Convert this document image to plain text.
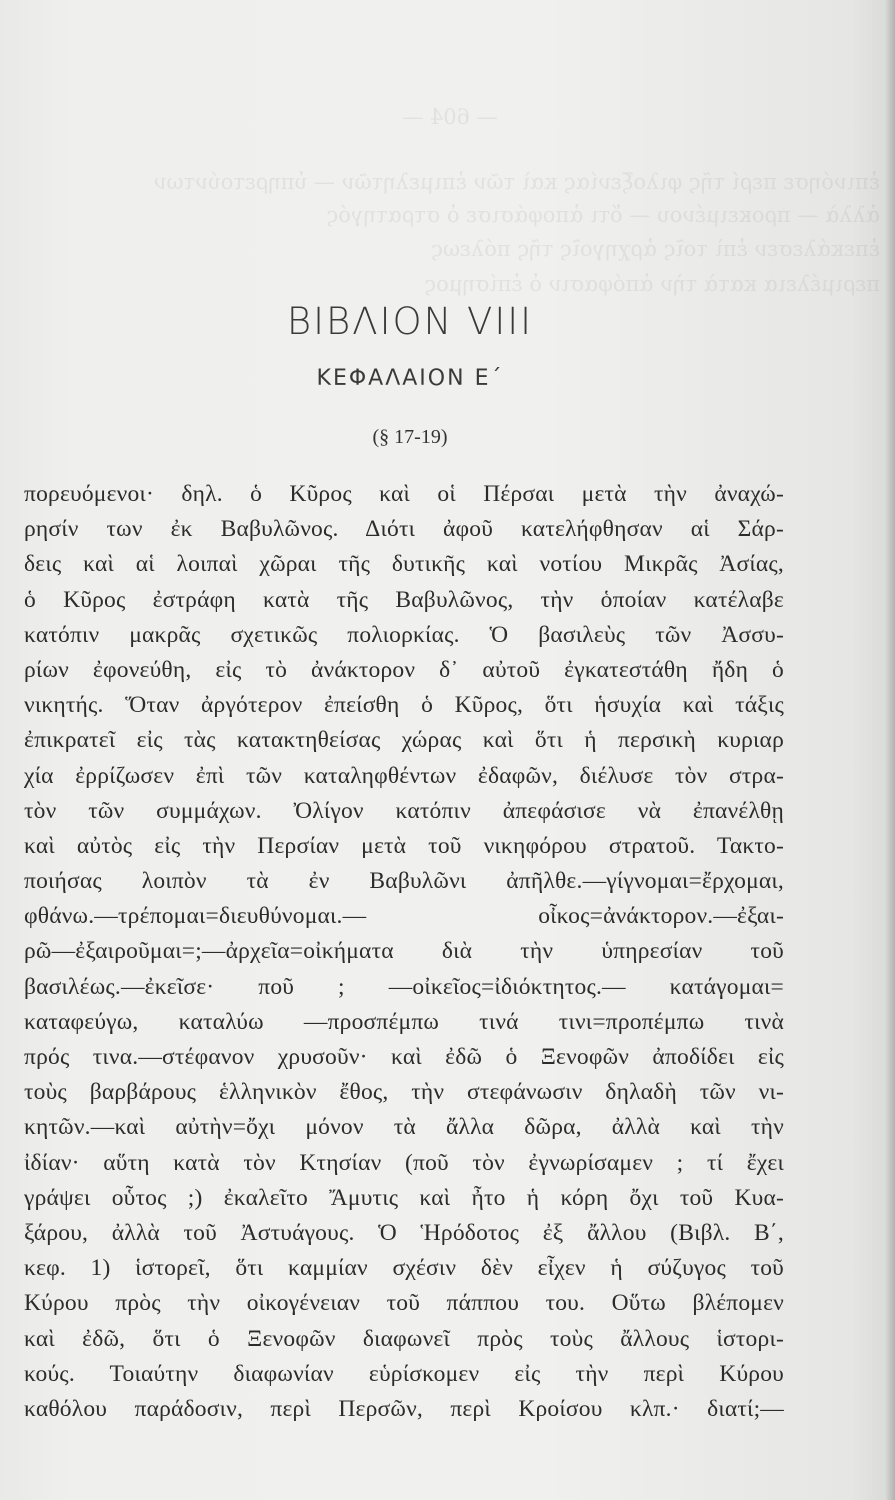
— 604 —
ἐπινόησε περί τῆς φιλοξενίας καὶ τῶν ἐπιμελητῶν — ὑπηρετούντων
ἀλλὰ — προκειμένου — ὅτι ἀποφάσισε ὁ στρατηγός
ἐπεκάλεσεν ἐπὶ τοῖς ἀρχηγοῖς τῆς πόλεως
περιμέλεια κατὰ τὴν ἀπόφασιν ὁ ἐπίσημος
ΒΙΒΛΙΟΝ VIII
ΚΕΦΑΛΑΙΟΝ Ε΄
(§ 17-19)
πορευόμενοι· δηλ. ὁ Κῦρος καὶ οἱ Πέρσαι μετὰ τὴν ἀναχώ-
ρησίν των ἐκ Βαβυλῶνος. Διότι ἀφοῦ κατελήφθησαν αἱ Σάρ-
δεις καὶ αἱ λοιπαὶ χῶραι τῆς δυτικῆς καὶ νοτίου Μικρᾶς Ἀσίας,
ὁ Κῦρος ἐστράφη κατὰ τῆς Βαβυλῶνος, τὴν ὁποίαν κατέλαβε
κατόπιν μακρᾶς σχετικῶς πολιορκίας. Ὁ βασιλεὺς τῶν Ἀσσυ-
ρίων ἐφονεύθη, εἰς τὸ ἀνάκτορον δ᾽ αὐτοῦ ἐγκατεστάθη ἤδη ὁ
νικητής. Ὅταν ἀργότερον ἐπείσθη ὁ Κῦρος, ὅτι ἡσυχία καὶ τάξις
ἐπικρατεῖ εἰς τὰς κατακτηθείσας χώρας καὶ ὅτι ἡ περσικὴ κυριαρ
χία ἐρρίζωσεν ἐπὶ τῶν καταληφθέντων ἐδαφῶν, διέλυσε τὸν στρα-
τὸν τῶν συμμάχων. Ὀλίγον κατόπιν ἀπεφάσισε νὰ ἐπανέλθῃ
καὶ αὐτὸς εἰς τὴν Περσίαν μετὰ τοῦ νικηφόρου στρατοῦ. Τακτο-
ποιήσας λοιπὸν τὰ ἐν Βαβυλῶνι ἀπῆλθε.—γίγνομαι=ἔρχομαι,
φθάνω.—τρέπομαι=διευθύνομαι.— οἶκος=ἀνάκτορον.—ἐξαι-
ρῶ—ἐξαιροῦμαι=;—ἀρχεῖα=οἰκήματα διὰ τὴν ὑπηρεσίαν τοῦ
βασιλέως.—ἐκεῖσε· ποῦ ; —οἰκεῖος=ἰδιόκτητος.— κατάγομαι=
καταφεύγω, καταλύω —προσπέμπω τινά τινι=προπέμπω τινὰ
πρός τινα.—στέφανον χρυσοῦν· καὶ ἐδῶ ὁ Ξενοφῶν ἀποδίδει εἰς
τοὺς βαρβάρους ἑλληνικὸν ἔθος, τὴν στεφάνωσιν δηλαδὴ τῶν νι-
κητῶν.—καὶ αὐτὴν=ὄχι μόνον τὰ ἄλλα δῶρα, ἀλλὰ καὶ τὴν
ἰδίαν· αὕτη κατὰ τὸν Κτησίαν (ποῦ τὸν ἐγνωρίσαμεν ; τί ἔχει
γράψει οὗτος ;) ἐκαλεῖτο Ἄμυτις καὶ ἦτο ἡ κόρη ὄχι τοῦ Κυα-
ξάρου, ἀλλὰ τοῦ Ἀστυάγους. Ὁ Ἡρόδοτος ἐξ ἄλλου (Βιβλ. Β΄,
κεφ. 1) ἱστορεῖ, ὅτι καμμίαν σχέσιν δὲν εἶχεν ἡ σύζυγος τοῦ
Κύρου πρὸς τὴν οἰκογένειαν τοῦ πάππου του. Οὕτω βλέπομεν
καὶ ἐδῶ, ὅτι ὁ Ξενοφῶν διαφωνεῖ πρὸς τοὺς ἄλλους ἱστορι-
κούς. Τοιαύτην διαφωνίαν εὑρίσκομεν εἰς τὴν περὶ Κύρου
καθόλου παράδοσιν, περὶ Περσῶν, περὶ Κροίσου κλπ.· διατί;—
